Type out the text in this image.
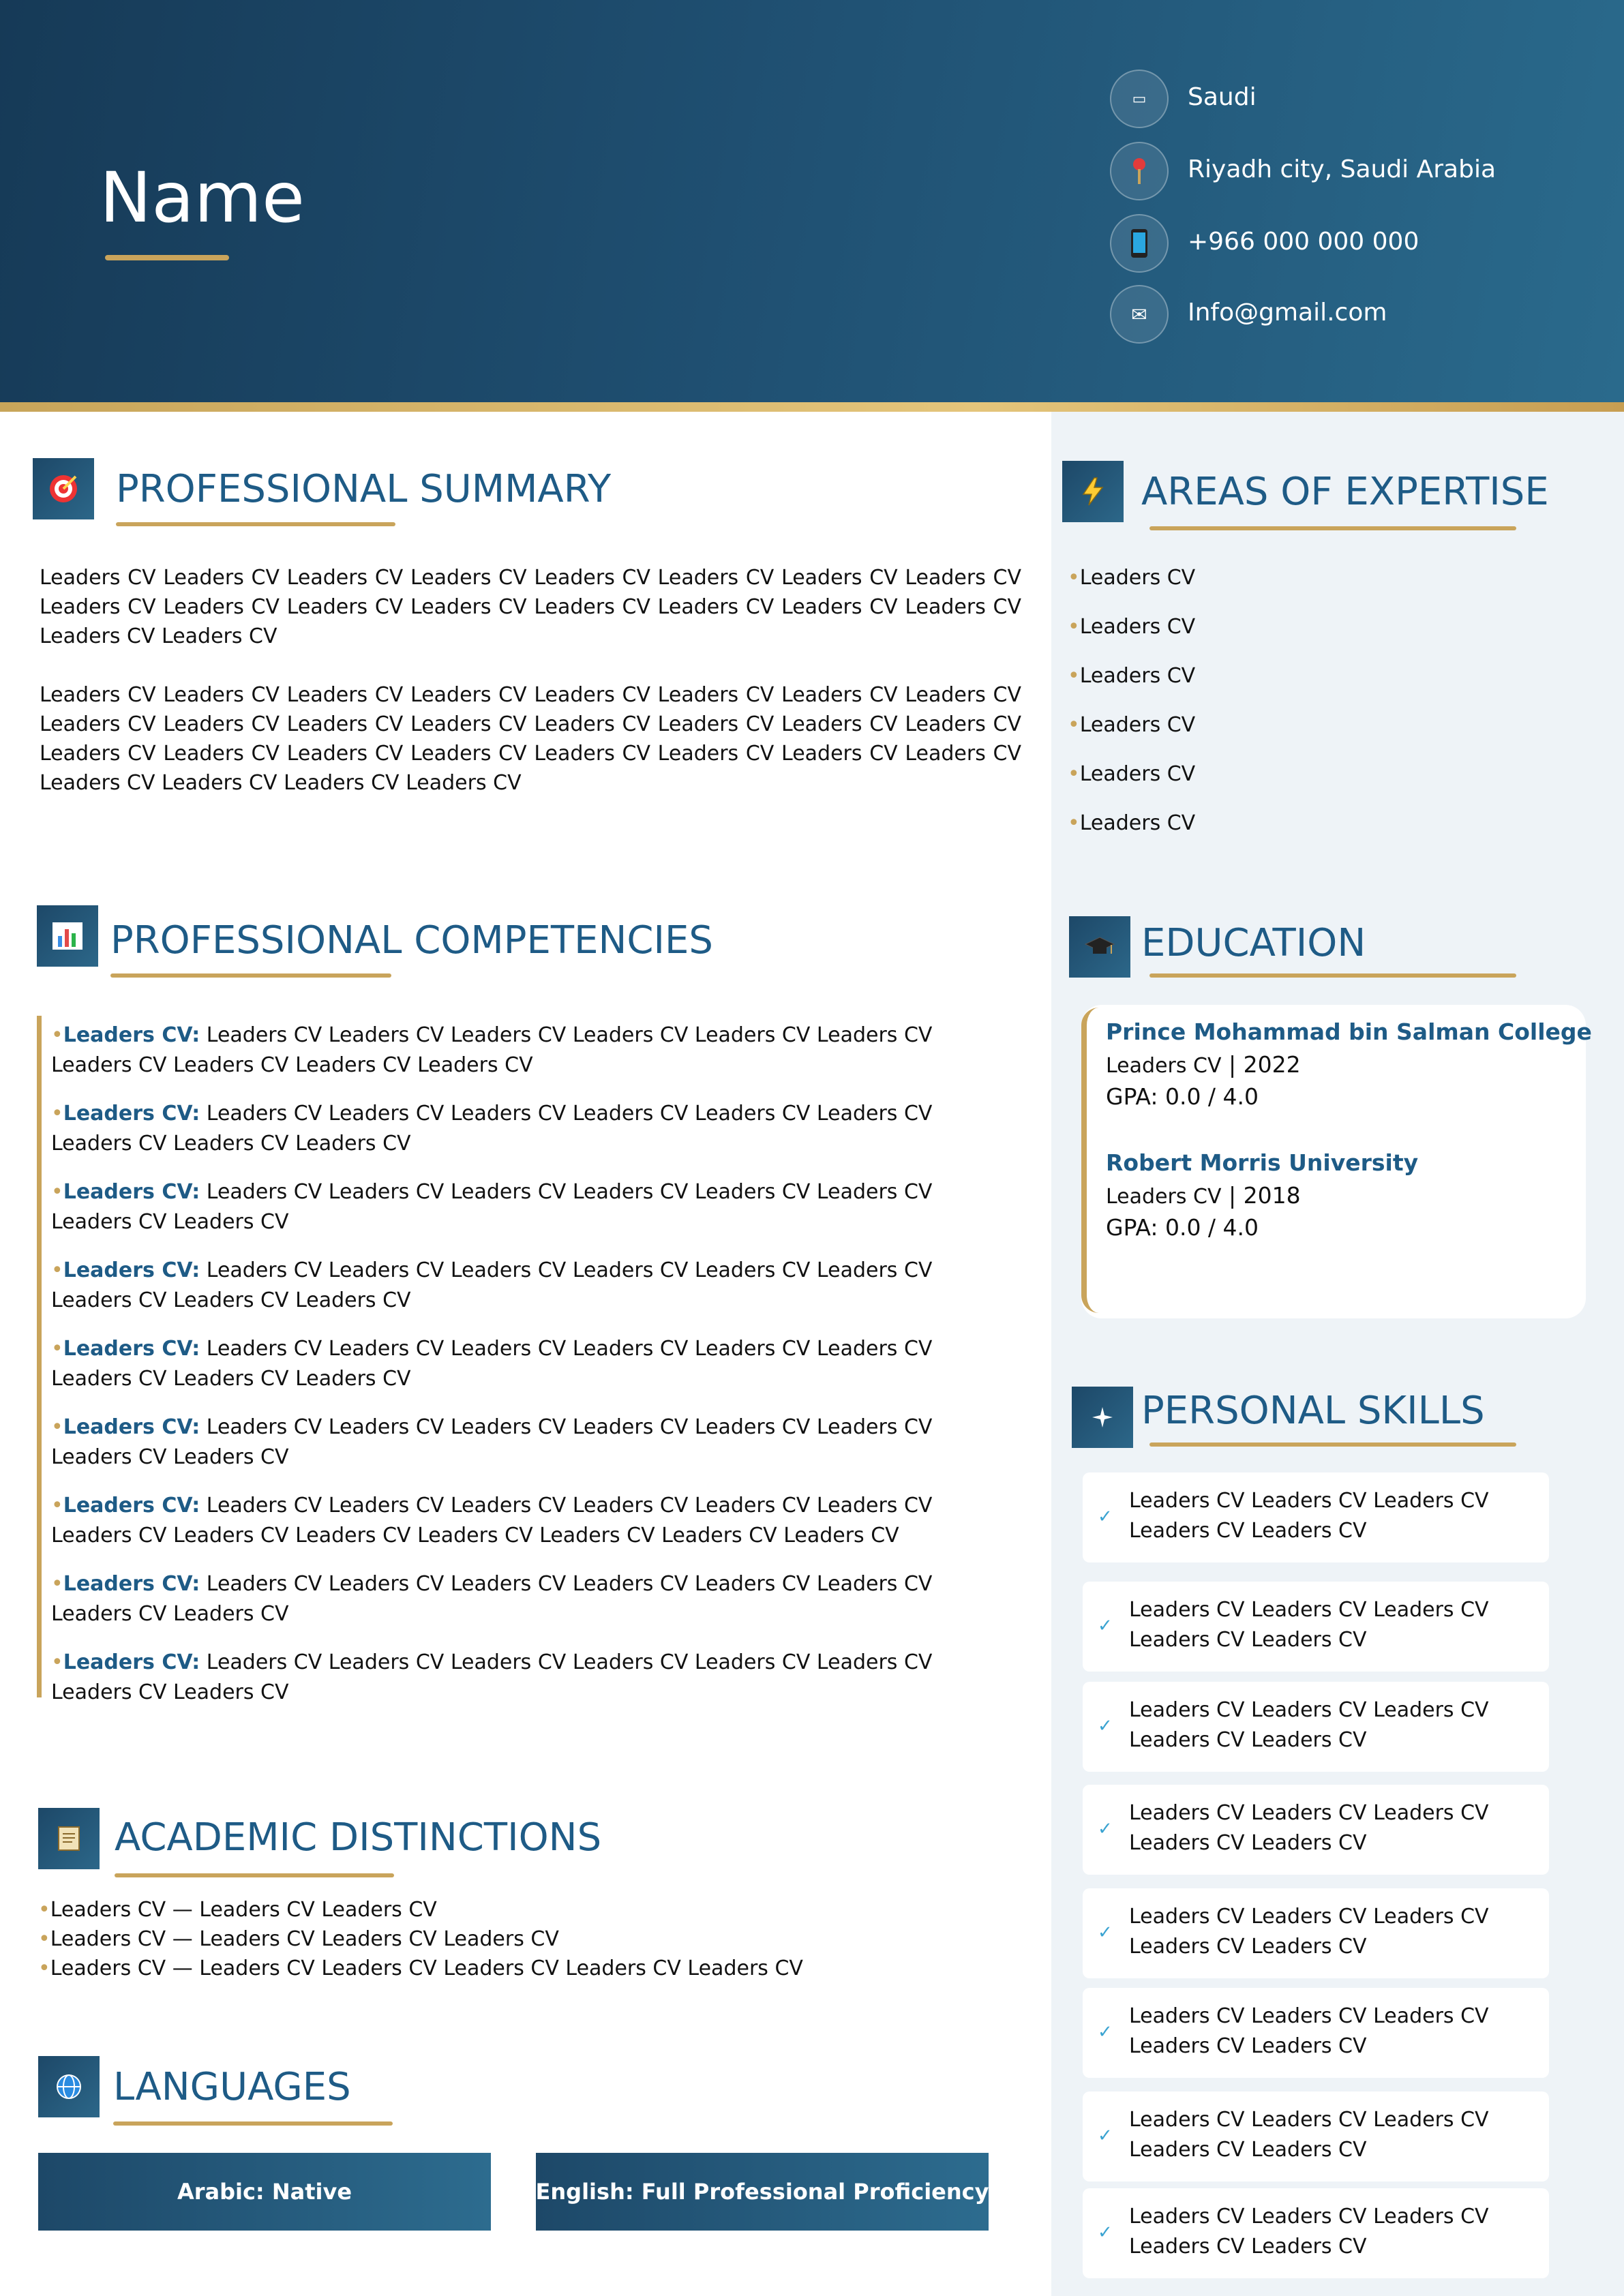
Name
▭	Saudi
Riyadh city, Saudi Arabia
+966 000 000 000
✉	Info@gmail.com
PROFESSIONAL SUMMARY
Leaders CV Leaders CV Leaders CV Leaders CV Leaders CV Leaders CV Leaders CV Leaders CV Leaders CV Leaders CV Leaders CV Leaders CV Leaders CV Leaders CV Leaders CV Leaders CV Leaders CV Leaders CV
Leaders CV Leaders CV Leaders CV Leaders CV Leaders CV Leaders CV Leaders CV Leaders CV Leaders CV Leaders CV Leaders CV Leaders CV Leaders CV Leaders CV Leaders CV Leaders CV Leaders CV Leaders CV Leaders CV Leaders CV Leaders CV Leaders CV Leaders CV Leaders CV Leaders CV Leaders CV Leaders CV Leaders CV
PROFESSIONAL COMPETENCIES
•Leaders CV: Leaders CV Leaders CV Leaders CV Leaders CV Leaders CV Leaders CV Leaders CV Leaders CV Leaders CV Leaders CV
•Leaders CV: Leaders CV Leaders CV Leaders CV Leaders CV Leaders CV Leaders CV Leaders CV Leaders CV Leaders CV
•Leaders CV: Leaders CV Leaders CV Leaders CV Leaders CV Leaders CV Leaders CV Leaders CV Leaders CV
•Leaders CV: Leaders CV Leaders CV Leaders CV Leaders CV Leaders CV Leaders CV Leaders CV Leaders CV Leaders CV
•Leaders CV: Leaders CV Leaders CV Leaders CV Leaders CV Leaders CV Leaders CV Leaders CV Leaders CV Leaders CV
•Leaders CV: Leaders CV Leaders CV Leaders CV Leaders CV Leaders CV Leaders CV Leaders CV Leaders CV
•Leaders CV: Leaders CV Leaders CV Leaders CV Leaders CV Leaders CV Leaders CV Leaders CV Leaders CV Leaders CV Leaders CV Leaders CV Leaders CV Leaders CV
•Leaders CV: Leaders CV Leaders CV Leaders CV Leaders CV Leaders CV Leaders CV Leaders CV Leaders CV
•Leaders CV: Leaders CV Leaders CV Leaders CV Leaders CV Leaders CV Leaders CV Leaders CV Leaders CV
ACADEMIC DISTINCTIONS
•Leaders CV — Leaders CV Leaders CV
•Leaders CV — Leaders CV Leaders CV Leaders CV
•Leaders CV — Leaders CV Leaders CV Leaders CV Leaders CV Leaders CV
LANGUAGES
Arabic: Native	English: Full Professional Proficiency
AREAS OF EXPERTISE
•Leaders CV
•Leaders CV
•Leaders CV
•Leaders CV
•Leaders CV
•Leaders CV
EDUCATION
Prince Mohammad bin Salman College
Leaders CV | 2022
GPA: 0.0 / 4.0
Robert Morris University
Leaders CV | 2018
GPA: 0.0 / 4.0
PERSONAL SKILLS
✓
Leaders CV Leaders CV Leaders CV Leaders CV Leaders CV
✓
Leaders CV Leaders CV Leaders CV Leaders CV Leaders CV
✓
Leaders CV Leaders CV Leaders CV Leaders CV Leaders CV
✓
Leaders CV Leaders CV Leaders CV Leaders CV Leaders CV
✓
Leaders CV Leaders CV Leaders CV Leaders CV Leaders CV
✓
Leaders CV Leaders CV Leaders CV Leaders CV Leaders CV
✓
Leaders CV Leaders CV Leaders CV Leaders CV Leaders CV
✓
Leaders CV Leaders CV Leaders CV Leaders CV Leaders CV
